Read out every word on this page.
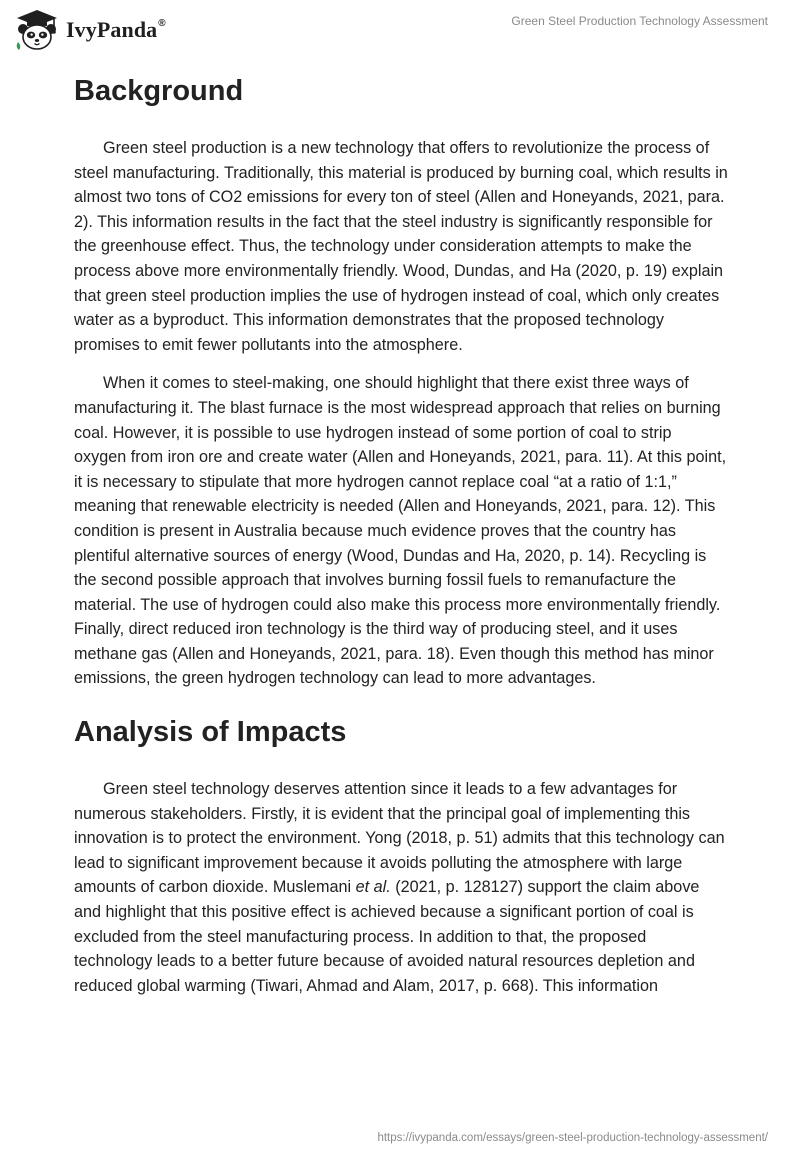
IvyPanda®	Green Steel Production Technology Assessment
Background

Green steel production is a new technology that offers to revolutionize the process of steel manufacturing. Traditionally, this material is produced by burning coal, which results in almost two tons of CO2 emissions for every ton of steel (Allen and Honeyands, 2021, para. 2). This information results in the fact that the steel industry is significantly responsible for the greenhouse effect. Thus, the technology under consideration attempts to make the process above more environmentally friendly. Wood, Dundas, and Ha (2020, p. 19) explain that green steel production implies the use of hydrogen instead of coal, which only creates water as a byproduct. This information demonstrates that the proposed technology promises to emit fewer pollutants into the atmosphere.

When it comes to steel-making, one should highlight that there exist three ways of manufacturing it. The blast furnace is the most widespread approach that relies on burning coal. However, it is possible to use hydrogen instead of some portion of coal to strip oxygen from iron ore and create water (Allen and Honeyands, 2021, para. 11). At this point, it is necessary to stipulate that more hydrogen cannot replace coal “at a ratio of 1:1,” meaning that renewable electricity is needed (Allen and Honeyands, 2021, para. 12). This condition is present in Australia because much evidence proves that the country has plentiful alternative sources of energy (Wood, Dundas and Ha, 2020, p. 14). Recycling is the second possible approach that involves burning fossil fuels to remanufacture the material. The use of hydrogen could also make this process more environmentally friendly. Finally, direct reduced iron technology is the third way of producing steel, and it uses methane gas (Allen and Honeyands, 2021, para. 18). Even though this method has minor emissions, the green hydrogen technology can lead to more advantages.

Analysis of Impacts

Green steel technology deserves attention since it leads to a few advantages for numerous stakeholders. Firstly, it is evident that the principal goal of implementing this innovation is to protect the environment. Yong (2018, p. 51) admits that this technology can lead to significant improvement because it avoids polluting the atmosphere with large amounts of carbon dioxide. Muslemani et al. (2021, p. 128127) support the claim above and highlight that this positive effect is achieved because a significant portion of coal is excluded from the steel manufacturing process. In addition to that, the proposed technology leads to a better future because of avoided natural resources depletion and reduced global warming (Tiwari, Ahmad and Alam, 2017, p. 668). This information

https://ivypanda.com/essays/green-steel-production-technology-assessment/
